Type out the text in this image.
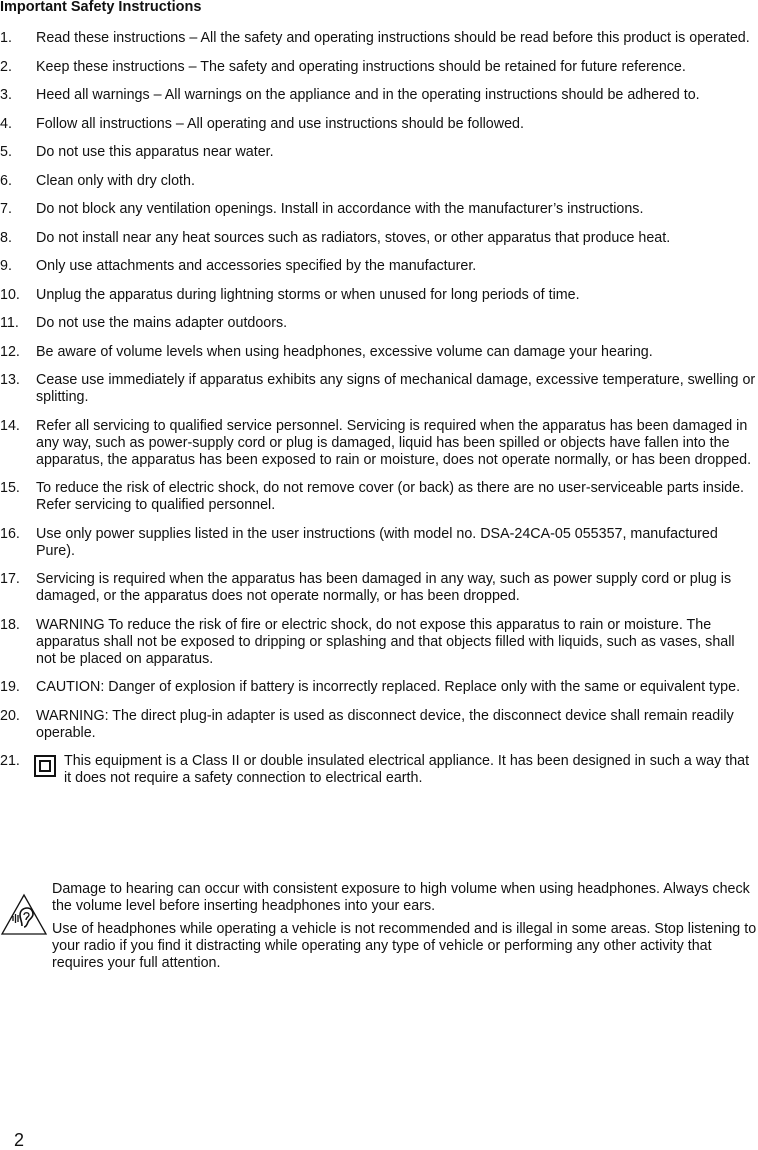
Important Safety Instructions
1. Read these instructions – All the safety and operating instructions should be read before this product is operated.
2. Keep these instructions – The safety and operating instructions should be retained for future reference.
3. Heed all warnings – All warnings on the appliance and in the operating instructions should be adhered to.
4. Follow all instructions – All operating and use instructions should be followed.
5. Do not use this apparatus near water.
6. Clean only with dry cloth.
7. Do not block any ventilation openings. Install in accordance with the manufacturer’s instructions.
8. Do not install near any heat sources such as radiators, stoves, or other apparatus that produce heat.
9. Only use attachments and accessories specified by the manufacturer.
10. Unplug the apparatus during lightning storms or when unused for long periods of time.
11. Do not use the mains adapter outdoors.
12. Be aware of volume levels when using headphones, excessive volume can damage your hearing.
13. Cease use immediately if apparatus exhibits any signs of mechanical damage, excessive temperature, swelling or splitting.
14. Refer all servicing to qualified service personnel. Servicing is required when the apparatus has been damaged in any way, such as power-supply cord or plug is damaged, liquid has been spilled or objects have fallen into the apparatus, the apparatus has been exposed to rain or moisture, does not operate normally, or has been dropped.
15. To reduce the risk of electric shock, do not remove cover (or back) as there are no user-serviceable parts inside. Refer servicing to qualified personnel.
16. Use only power supplies listed in the user instructions (with model no. DSA-24CA-05 055357, manufactured Pure).
17. Servicing is required when the apparatus has been damaged in any way, such as power supply cord or plug is damaged, or the apparatus does not operate normally, or has been dropped.
18. WARNING To reduce the risk of fire or electric shock, do not expose this apparatus to rain or moisture. The apparatus shall not be exposed to dripping or splashing and that objects filled with liquids, such as vases, shall not be placed on apparatus.
19. CAUTION: Danger of explosion if battery is incorrectly replaced. Replace only with the same or equivalent type.
20. WARNING: The direct plug-in adapter is used as disconnect device, the disconnect device shall remain readily operable.
21.	This equipment is a Class II or double insulated electrical appliance. It has been designed in such a way that it does not require a safety connection to electrical earth.

Damage to hearing can occur with consistent exposure to high volume when using headphones. Always check the volume level before inserting headphones into your ears.

Use of headphones while operating a vehicle is not recommended and is illegal in some areas. Stop listening to your radio if you find it distracting while operating any type of vehicle or performing any other activity that requires your full attention.

2
